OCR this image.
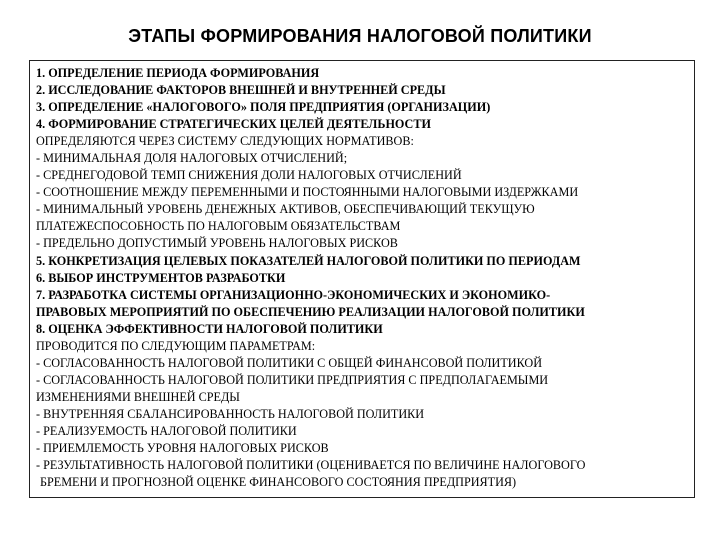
ЭТАПЫ ФОРМИРОВАНИЯ НАЛОГОВОЙ ПОЛИТИКИ
1. ОПРЕДЕЛЕНИЕ ПЕРИОДА ФОРМИРОВАНИЯ
2. ИССЛЕДОВАНИЕ ФАКТОРОВ ВНЕШНЕЙ И ВНУТРЕННЕЙ СРЕДЫ
3. ОПРЕДЕЛЕНИЕ «НАЛОГОВОГО» ПОЛЯ ПРЕДПРИЯТИЯ (ОРГАНИЗАЦИИ)
4. ФОРМИРОВАНИЕ СТРАТЕГИЧЕСКИХ ЦЕЛЕЙ ДЕЯТЕЛЬНОСТИ
ОПРЕДЕЛЯЮТСЯ ЧЕРЕЗ СИСТЕМУ СЛЕДУЮЩИХ НОРМАТИВОВ:
- МИНИМАЛЬНАЯ ДОЛЯ НАЛОГОВЫХ ОТЧИСЛЕНИЙ;
- СРЕДНЕГОДОВОЙ ТЕМП СНИЖЕНИЯ ДОЛИ НАЛОГОВЫХ ОТЧИСЛЕНИЙ
- СООТНОШЕНИЕ МЕЖДУ ПЕРЕМЕННЫМИ И ПОСТОЯННЫМИ НАЛОГОВЫМИ ИЗДЕРЖКАМИ
- МИНИМАЛЬНЫЙ УРОВЕНЬ ДЕНЕЖНЫХ АКТИВОВ, ОБЕСПЕЧИВАЮЩИЙ ТЕКУЩУЮ
ПЛАТЕЖЕСПОСОБНОСТЬ ПО НАЛОГОВЫМ ОБЯЗАТЕЛЬСТВАМ
- ПРЕДЕЛЬНО ДОПУСТИМЫЙ УРОВЕНЬ НАЛОГОВЫХ РИСКОВ
5. КОНКРЕТИЗАЦИЯ ЦЕЛЕВЫХ ПОКАЗАТЕЛЕЙ НАЛОГОВОЙ ПОЛИТИКИ ПО ПЕРИОДАМ
6. ВЫБОР ИНСТРУМЕНТОВ РАЗРАБОТКИ
7. РАЗРАБОТКА СИСТЕМЫ ОРГАНИЗАЦИОННО-ЭКОНОМИЧЕСКИХ И ЭКОНОМИКО-
ПРАВОВЫХ МЕРОПРИЯТИЙ ПО ОБЕСПЕЧЕНИЮ РЕАЛИЗАЦИИ НАЛОГОВОЙ ПОЛИТИКИ
8. ОЦЕНКА ЭФФЕКТИВНОСТИ НАЛОГОВОЙ ПОЛИТИКИ
ПРОВОДИТСЯ ПО СЛЕДУЮЩИМ ПАРАМЕТРАМ:
- СОГЛАСОВАННОСТЬ НАЛОГОВОЙ ПОЛИТИКИ С ОБЩЕЙ ФИНАНСОВОЙ ПОЛИТИКОЙ
- СОГЛАСОВАННОСТЬ НАЛОГОВОЙ ПОЛИТИКИ ПРЕДПРИЯТИЯ С ПРЕДПОЛАГАЕМЫМИ
ИЗМЕНЕНИЯМИ ВНЕШНЕЙ СРЕДЫ
- ВНУТРЕННЯЯ СБАЛАНСИРОВАННОСТЬ НАЛОГОВОЙ ПОЛИТИКИ
- РЕАЛИЗУЕМОСТЬ НАЛОГОВОЙ ПОЛИТИКИ
- ПРИЕМЛЕМОСТЬ УРОВНЯ НАЛОГОВЫХ РИСКОВ
- РЕЗУЛЬТАТИВНОСТЬ НАЛОГОВОЙ ПОЛИТИКИ (ОЦЕНИВАЕТСЯ ПО ВЕЛИЧИНЕ НАЛОГОВОГО
БРЕМЕНИ И ПРОГНОЗНОЙ ОЦЕНКЕ ФИНАНСОВОГО СОСТОЯНИЯ ПРЕДПРИЯТИЯ)
